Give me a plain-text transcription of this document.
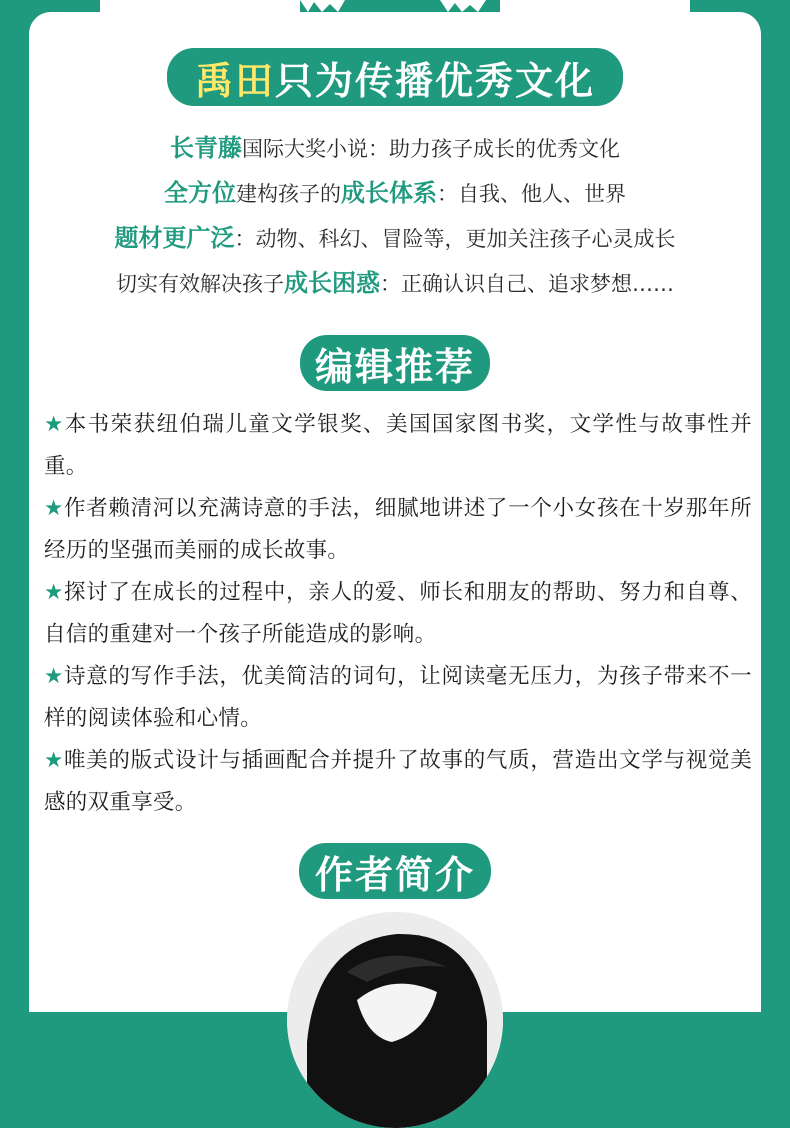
禹田 只为传播优秀文化
长青藤国际大奖小说：助力孩子成长的优秀文化
全方位建构孩子的成长体系：自我、他人、世界
题材更广泛：动物、科幻、冒险等，更加关注孩子心灵成长
切实有效解决孩子成长困惑：正确认识自己、追求梦想……
编辑推荐
★本书荣获纽伯瑞儿童文学银奖、美国国家图书奖，文学性与故事性并重。
★作者赖清河以充满诗意的手法，细腻地讲述了一个小女孩在十岁那年所经历的坚强而美丽的成长故事。
★探讨了在成长的过程中，亲人的爱、师长和朋友的帮助、努力和自尊、自信的重建对一个孩子所能造成的影响。
★诗意的写作手法，优美简洁的词句，让阅读毫无压力，为孩子带来不一样的阅读体验和心情。
★唯美的版式设计与插画配合并提升了故事的气质，营造出文学与视觉美感的双重享受。
作者简介
